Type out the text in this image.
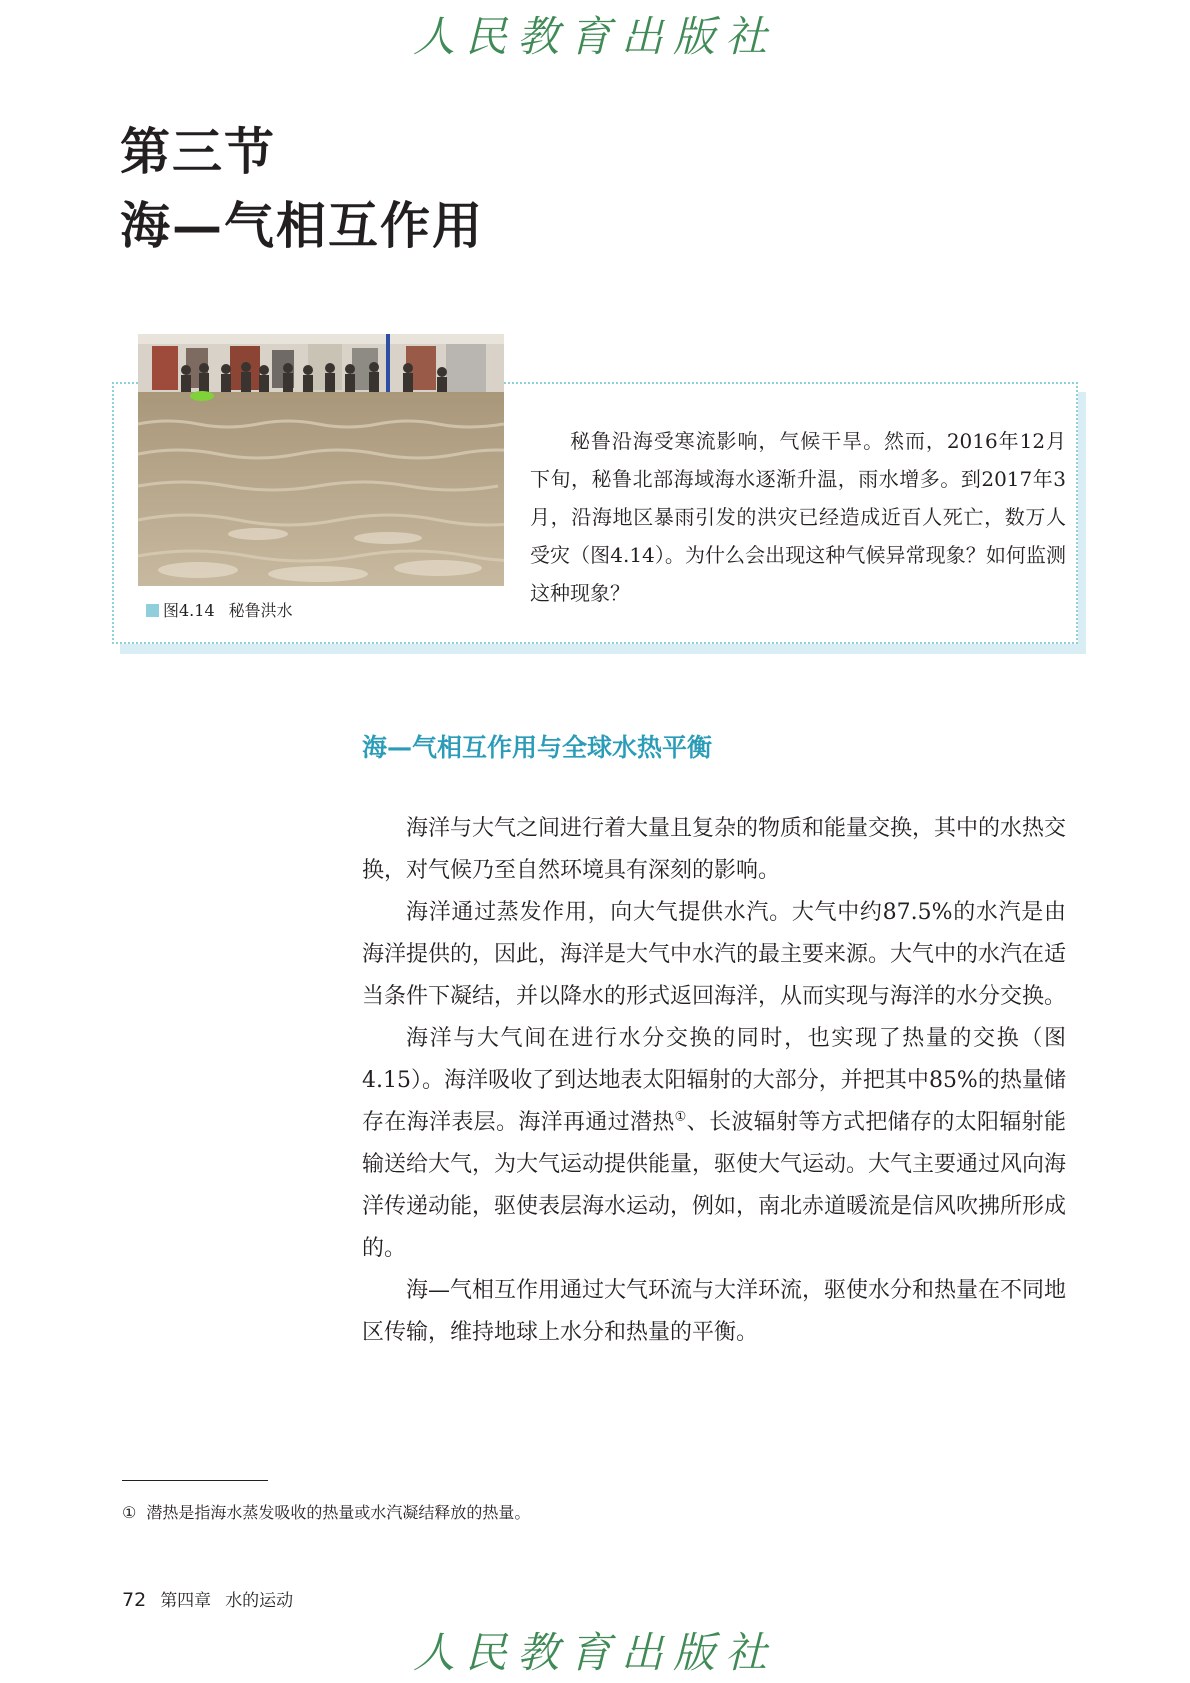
人民教育出版社
第三节
海—气相互作用
图4.14 秘鲁洪水
秘鲁沿海受寒流影响，气候干旱。然而，2016年12月下旬，秘鲁北部海域海水逐渐升温，雨水增多。到2017年3月，沿海地区暴雨引发的洪灾已经造成近百人死亡，数万人受灾（图4.14）。为什么会出现这种气候异常现象？如何监测这种现象？
海—气相互作用与全球水热平衡

海洋与大气之间进行着大量且复杂的物质和能量交换，其中的水热交换，对气候乃至自然环境具有深刻的影响。

海洋通过蒸发作用，向大气提供水汽。大气中约87.5%的水汽是由海洋提供的，因此，海洋是大气中水汽的最主要来源。大气中的水汽在适当条件下凝结，并以降水的形式返回海洋，从而实现与海洋的水分交换。

海洋与大气间在进行水分交换的同时，也实现了热量的交换（图4.15）。海洋吸收了到达地表太阳辐射的大部分，并把其中85%的热量储存在海洋表层。海洋再通过潜热①、长波辐射等方式把储存的太阳辐射能输送给大气，为大气运动提供能量，驱使大气运动。大气主要通过风向海洋传递动能，驱使表层海水运动，例如，南北赤道暖流是信风吹拂所形成的。

海—气相互作用通过大气环流与大洋环流，驱使水分和热量在不同地区传输，维持地球上水分和热量的平衡。

① 潜热是指海水蒸发吸收的热量或水汽凝结释放的热量。
72 第四章 水的运动
人民教育出版社
